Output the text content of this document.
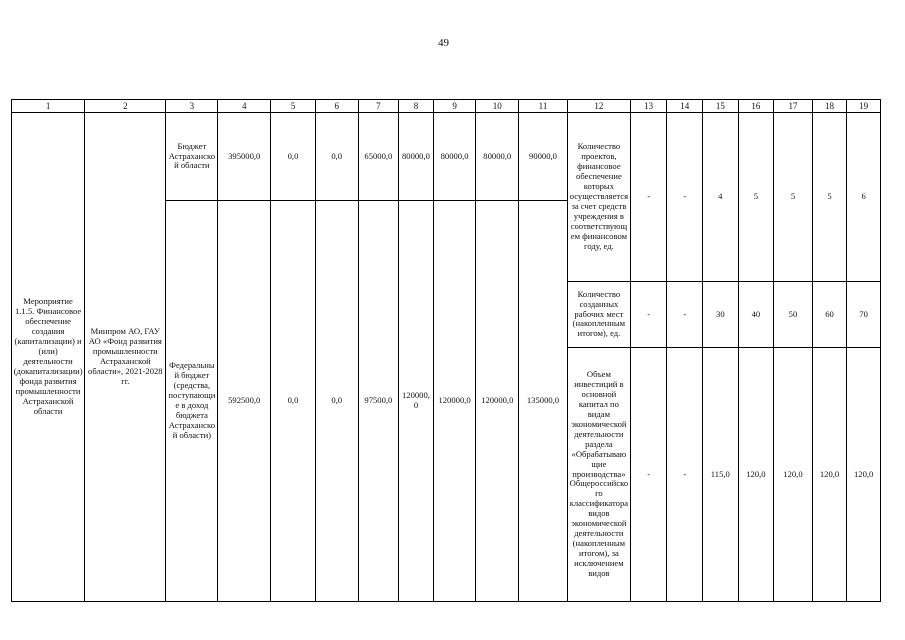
49
1	2	3	4	5	6	7	8	9	10	11	12	13	14	15	16	17	18	19
Мероприятие 1.1.5. Финансовое обеспечение создания (капитализации) и (или) деятельности (докапитализации) фонда развития промышленности Астраханской области	Минпром АО, ГАУ АО «Фонд развития промышленности Астраханской области», 2021-2028 гг.	Бюджет Астраханской области	395000,0	0,0	0,0	65000,0	80000,0	80000,0	80000,0	90000,0	Количество проектов, финансовое обеспечение которых осуществляется за счет средств учреждения в соответствующем финансовом году, ед.	-	-	4	5	5	5	6
		Федеральный бюджет (средства, поступающие в доход бюджета Астраханской области)	592500,0	0,0	0,0	97500,0	120000,0	120000,0	120000,0	135000,0								
											Количество созданных рабочих мест (накопленным итогом), ед.	-	-	30	40	50	60	70
											Объем инвестиций в основной капитал по видам экономической деятельности раздела «Обрабатывающие производства» Общероссийского классификатора видов экономической деятельности (накопленным итогом), за исключением видов	-	-	115,0	120,0	120,0	120,0	120,0
